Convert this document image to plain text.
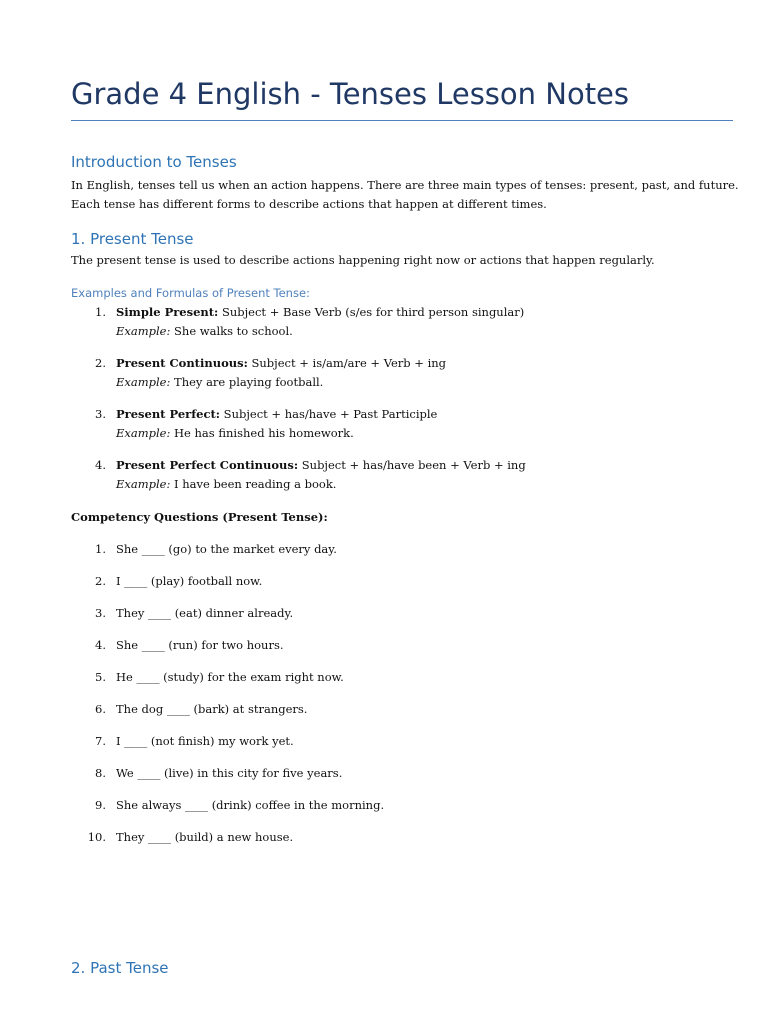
Grade 4 English - Tenses Lesson Notes
Introduction to Tenses

In English, tenses tell us when an action happens. There are three main types of tenses: present, past, and future.

Each tense has different forms to describe actions that happen at different times.

1. Present Tense

The present tense is used to describe actions happening right now or actions that happen regularly.

Examples and Formulas of Present Tense:
1. Simple Present: Subject + Base Verb (s/es for third person singular)
Example: She walks to school.
2. Present Continuous: Subject + is/am/are + Verb + ing
Example: They are playing football.
3. Present Perfect: Subject + has/have + Past Participle
Example: He has finished his homework.
4. Present Perfect Continuous: Subject + has/have been + Verb + ing
Example: I have been reading a book.

Competency Questions (Present Tense):

1. She ____ (go) to the market every day.
2. I ____ (play) football now.
3. They ____ (eat) dinner already.
4. She ____ (run) for two hours.
5. He ____ (study) for the exam right now.
6. The dog ____ (bark) at strangers.
7. I ____ (not finish) my work yet.
8. We ____ (live) in this city for five years.
9. She always ____ (drink) coffee in the morning.
10. They ____ (build) a new house.
2. Past Tense
